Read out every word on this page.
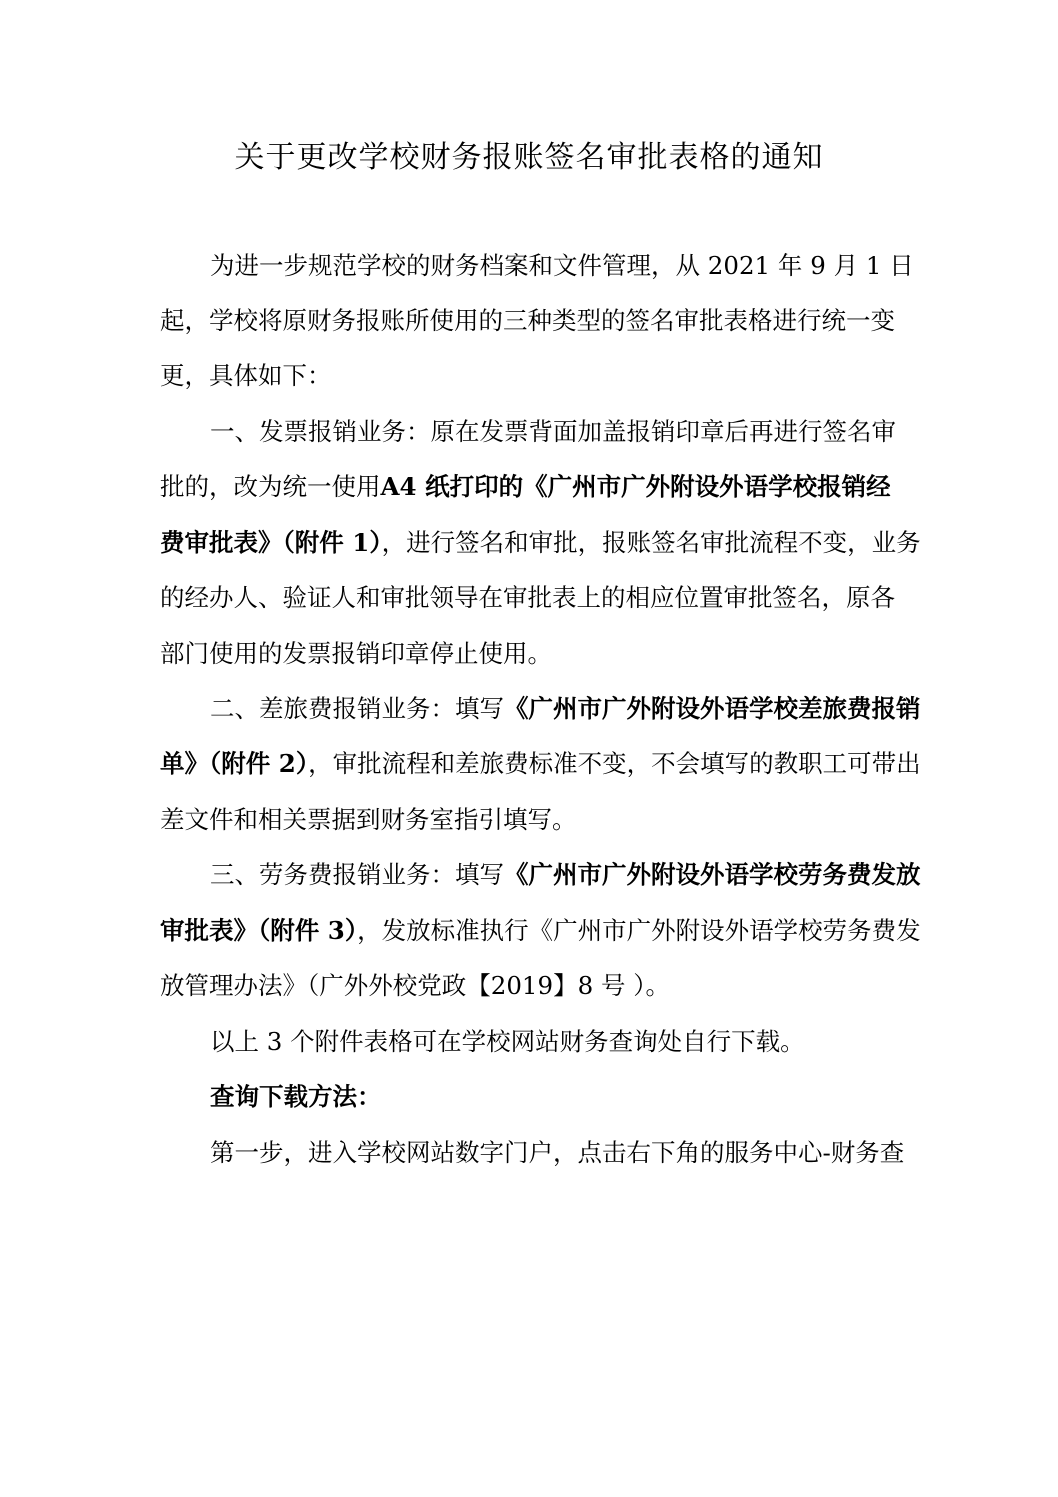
关于更改学校财务报账签名审批表格的通知
为进一步规范学校的财务档案和文件管理，从 2021 年 9 月 1 日
起，学校将原财务报账所使用的三种类型的签名审批表格进行统一变
更，具体如下：
一、发票报销业务：原在发票背面加盖报销印章后再进行签名审
批的，改为统一使用A4 纸打印的《广州市广外附设外语学校报销经
费审批表》（附件 1），进行签名和审批，报账签名审批流程不变，业务
的经办人、验证人和审批领导在审批表上的相应位置审批签名，原各
部门使用的发票报销印章停止使用。
二、差旅费报销业务：填写《广州市广外附设外语学校差旅费报销
单》（附件 2），审批流程和差旅费标准不变，不会填写的教职工可带出
差文件和相关票据到财务室指引填写。
三、劳务费报销业务：填写《广州市广外附设外语学校劳务费发放
审批表》（附件 3），发放标准执行《广州市广外附设外语学校劳务费发
放管理办法》（广外外校党政【2019】8 号 ）。
以上 3 个附件表格可在学校网站财务查询处自行下载。
查询下载方法：
第一步，进入学校网站数字门户，点击右下角的服务中心-财务查
